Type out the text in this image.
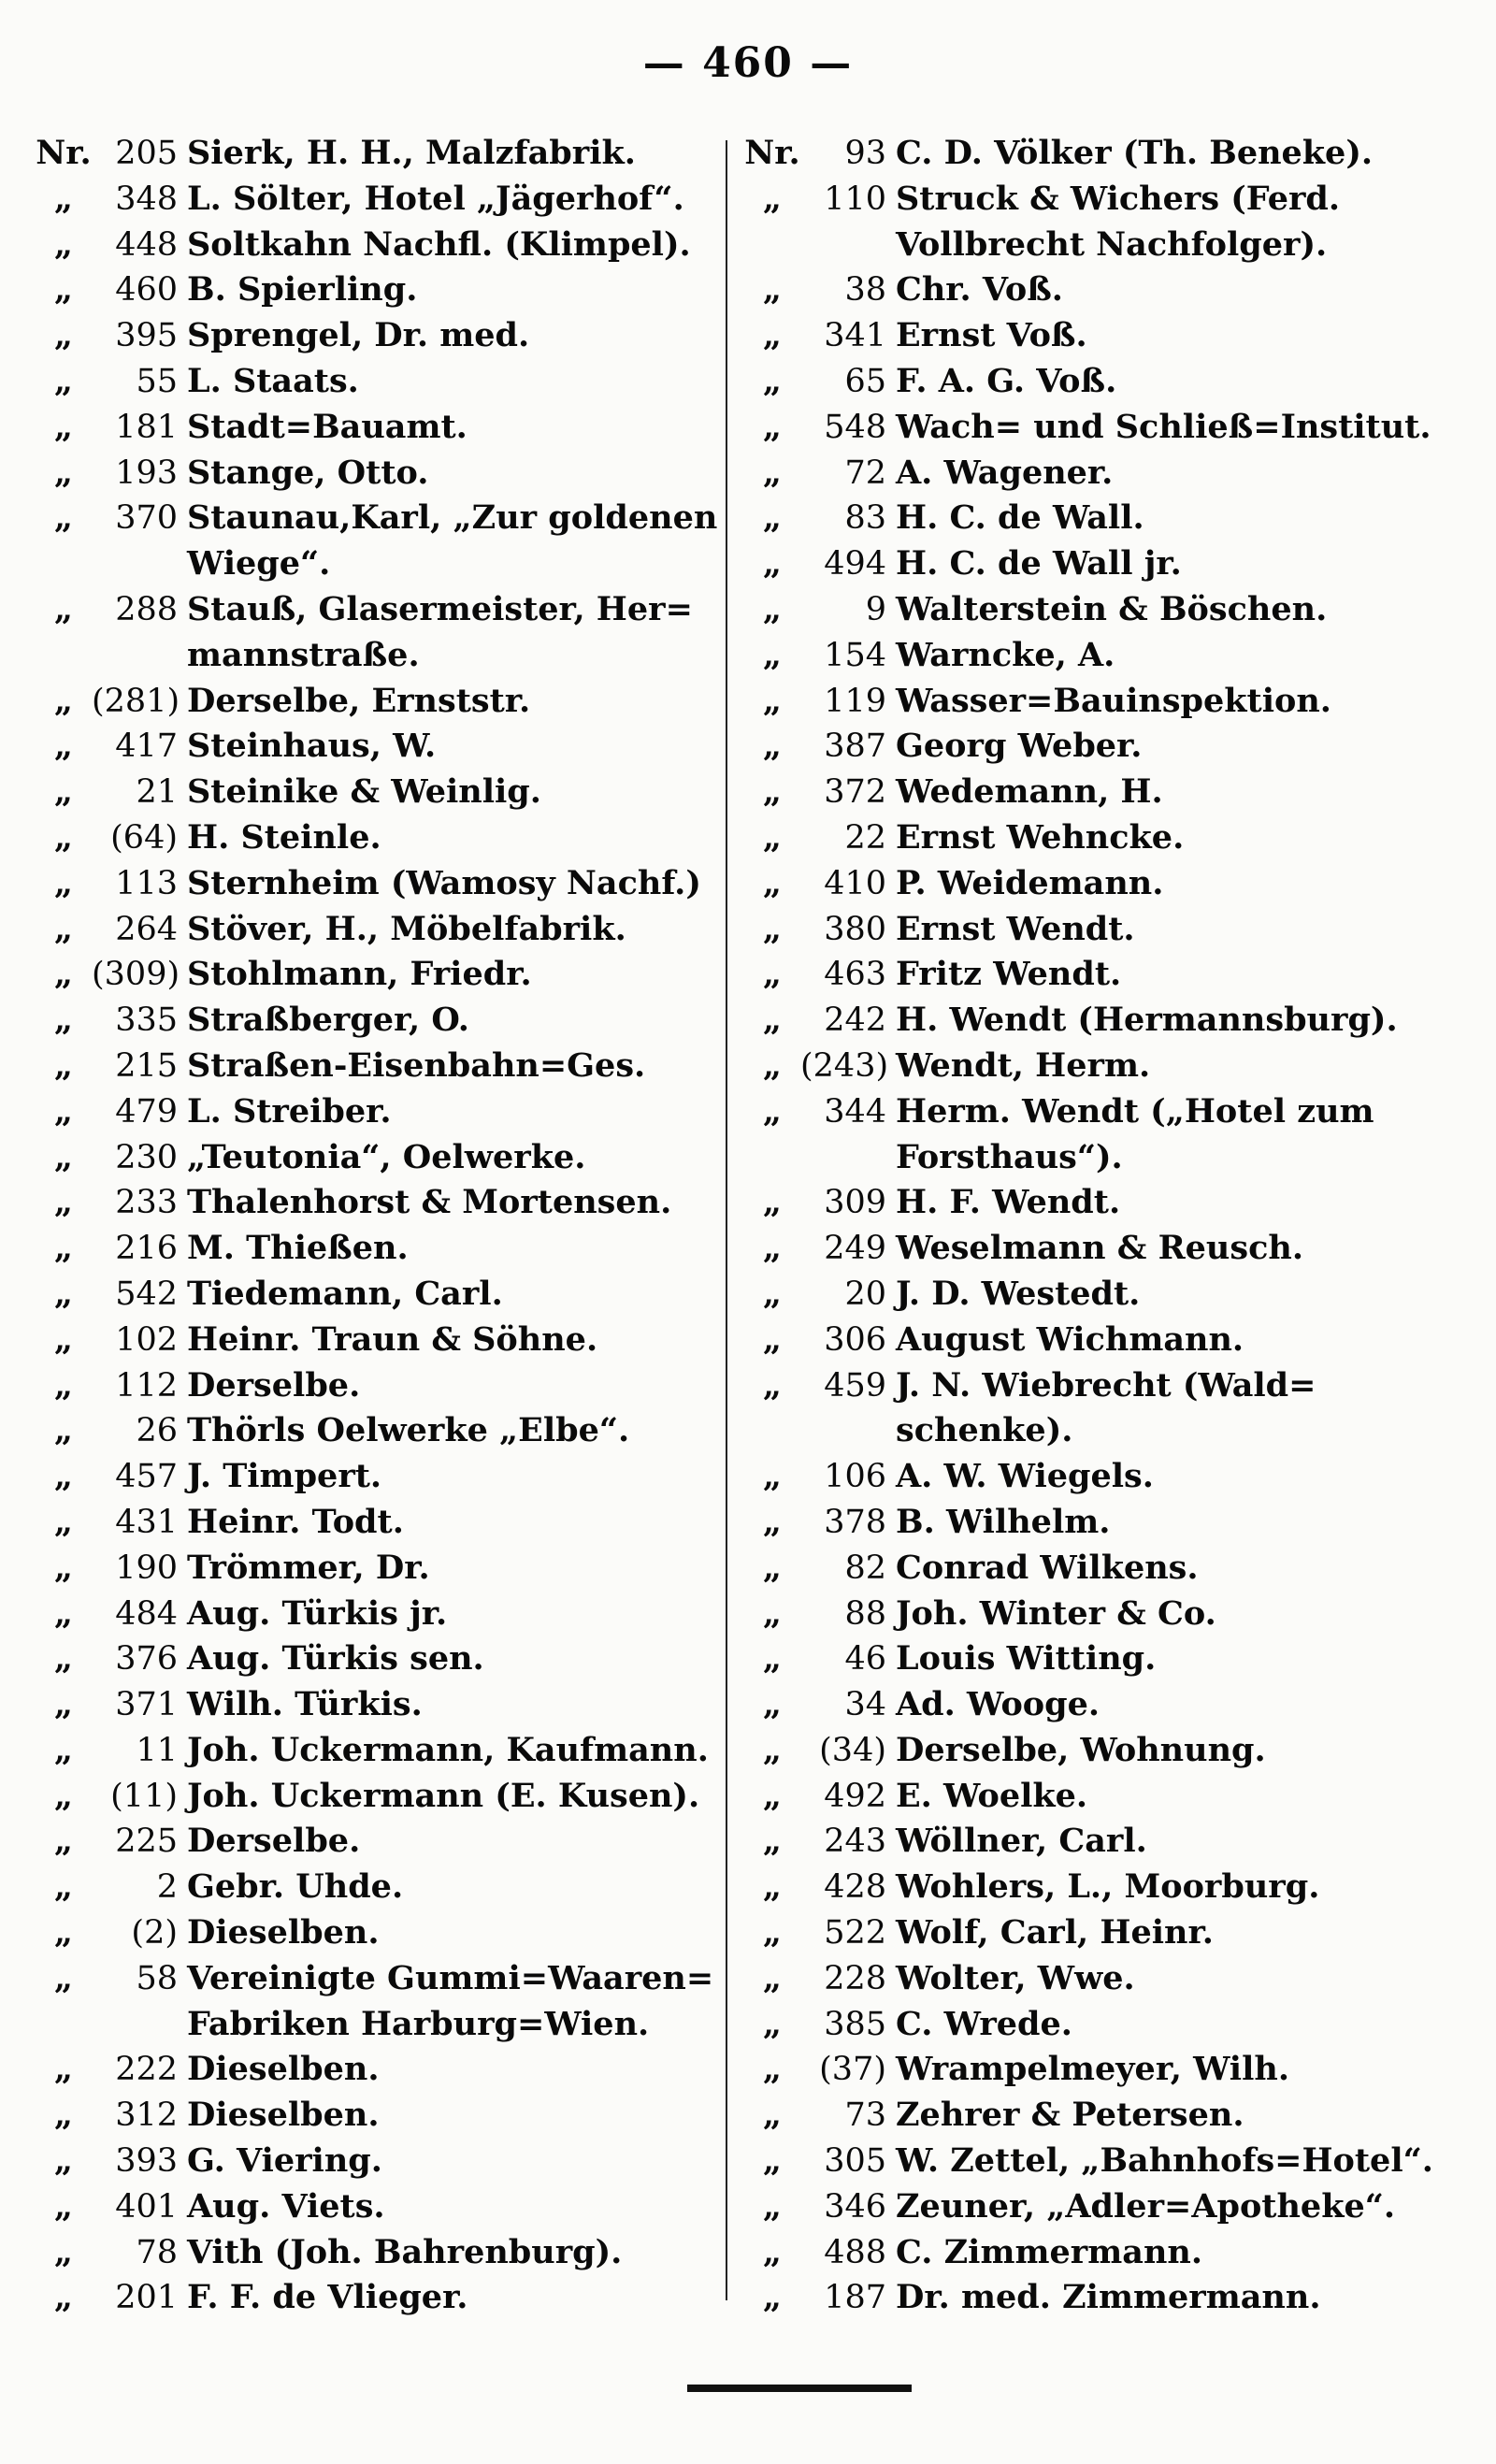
— 460 —
Nr. 205 Sierk, H. H., Malzfabrik.
„	348 L. Sölter, Hotel „Jägerhof“.
„	448 Soltkahn Nachfl. (Klimpel).
„	460 B. Spierling.
„	395 Sprengel, Dr. med.
„	55 L. Staats.
„	181 Stadt=Bauamt.
„	193 Stange, Otto.
„	370 Staunau,Karl, „Zur goldenen
Wiege“.
„	288 Stauß, Glasermeister, Her=
mannstraße.
„ (281) Derselbe, Ernststr.
„	417 Steinhaus, W.
„	21 Steinike & Weinlig.
„	(64) H. Steinle.
„	113 Sternheim (Wamosy Nachf.)
„	264 Stöver, H., Möbelfabrik.
„ (309) Stohlmann, Friedr.
„	335 Straßberger, O.
„	215 Straßen-Eisenbahn=Ges.
„	479 L. Streiber.
„	230 „Teutonia“, Oelwerke.
„	233 Thalenhorst & Mortensen.
„	216 M. Thießen.
„	542 Tiedemann, Carl.
„	102 Heinr. Traun & Söhne.
„	112 Derselbe.
„	26 Thörls Oelwerke „Elbe“.
„	457 J. Timpert.
„	431 Heinr. Todt.
„	190 Trömmer, Dr.
„	484 Aug. Türkis jr.
„	376 Aug. Türkis sen.
„	371 Wilh. Türkis.
„	11 Joh. Uckermann, Kaufmann.
„	(11) Joh. Uckermann (E. Kusen).
„	225 Derselbe.
„	2 Gebr. Uhde.
„	(2) Dieselben.
„	58 Vereinigte Gummi=Waaren=
Fabriken Harburg=Wien.
„	222 Dieselben.
„	312 Dieselben.
„	393 G. Viering.
„	401 Aug. Viets.
„	78 Vith (Joh. Bahrenburg).
„	201 F. F. de Vlieger.
Nr.	93 C. D. Völker (Th. Beneke).
„	110 Struck & Wichers (Ferd.
Vollbrecht Nachfolger).
„	38 Chr. Voß.
„	341 Ernst Voß.
„	65 F. A. G. Voß.
„	548 Wach= und Schließ=Institut.
„	72 A. Wagener.
„	83 H. C. de Wall.
„	494 H. C. de Wall jr.
„	9 Walterstein & Böschen.
„	154 Warncke, A.
„	119 Wasser=Bauinspektion.
„	387 Georg Weber.
„	372 Wedemann, H.
„	22 Ernst Wehncke.
„	410 P. Weidemann.
„	380 Ernst Wendt.
„	463 Fritz Wendt.
„	242 H. Wendt (Hermannsburg).
„ (243) Wendt, Herm.
„	344 Herm. Wendt („Hotel zum
Forsthaus“).
„	309 H. F. Wendt.
„	249 Weselmann & Reusch.
„	20 J. D. Westedt.
„	306 August Wichmann.
„	459 J. N. Wiebrecht (Wald=
schenke).
„	106 A. W. Wiegels.
„	378 B. Wilhelm.
„	82 Conrad Wilkens.
„	88 Joh. Winter & Co.
„	46 Louis Witting.
„	34 Ad. Wooge.
„	(34) Derselbe, Wohnung.
„	492 E. Woelke.
„	243 Wöllner, Carl.
„	428 Wohlers, L., Moorburg.
„	522 Wolf, Carl, Heinr.
„	228 Wolter, Wwe.
„	385 C. Wrede.
„	(37) Wrampelmeyer, Wilh.
„	73 Zehrer & Petersen.
„	305 W. Zettel, „Bahnhofs=Hotel“.
„	346 Zeuner, „Adler=Apotheke“.
„	488 C. Zimmermann.
„	187 Dr. med. Zimmermann.
